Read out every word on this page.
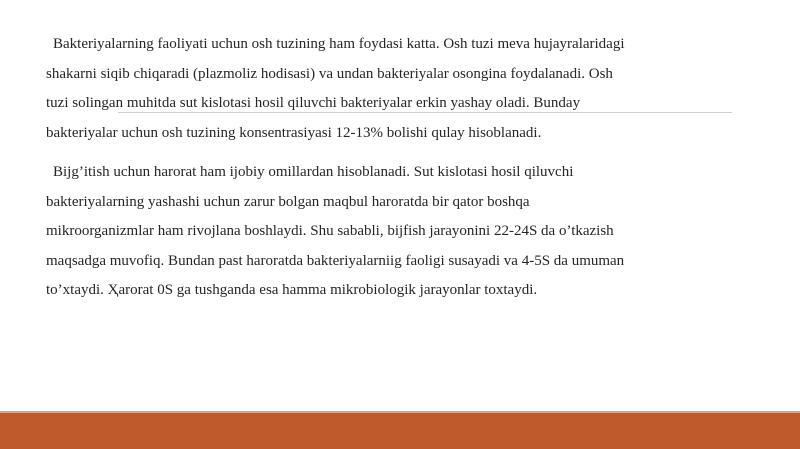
Bakteriyalarning faoliyati uchun osh tuzining ham foydasi katta. Osh tuzi meva hujayralaridagi
shakarni siqib chiqaradi (plazmoliz hodisasi) va undan bakteriyalar osongina foydalanadi. Osh
tuzi solingan muhitda sut kislotasi hosil qiluvchi bakteriyalar erkin yashay oladi. Bunday
bakteriyalar uchun osh tuzining konsentrasiyasi 12-13% bolishi qulay hisoblanadi.

Bijg’itish uchun harorat ham ijobiy omillardan hisoblanadi. Sut kislotasi hosil qiluvchi
bakteriyalarning yashashi uchun zarur bolgan maqbul haroratda bir qator boshqa
mikroorganizmlar ham rivojlana boshlaydi. Shu sababli, bijfish jarayonini 22-24S da o’tkazish
maqsadga muvofiq. Bundan past haroratda bakteriyalarniig faoligi susayadi va 4-5S da umuman
to’xtaydi. Ҳarorat 0S ga tushganda esa hamma mikrobiologik jarayonlar toxtaydi.
